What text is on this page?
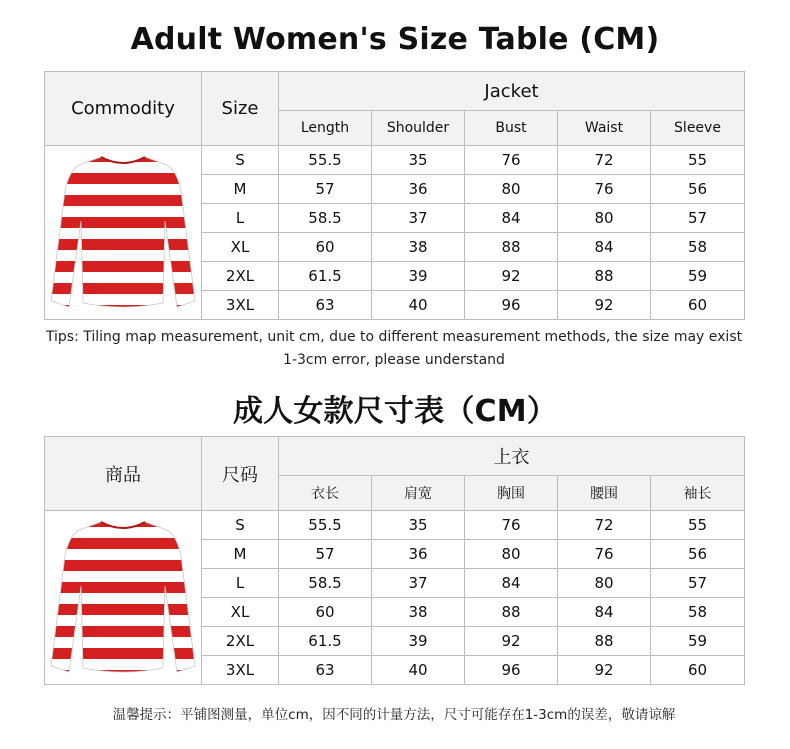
Adult Women's Size Table (CM)
Commodity	Size	Jacket				
		Length	Shoulder	Bust	Waist	Sleeve

	S	55.5	35	76	72	55
	M	57	36	80	76	56
	L	58.5	37	84	80	57
	XL	60	38	88	84	58
	2XL	61.5	39	92	88	59
	3XL	63	40	96	92	60
Tips: Tiling map measurement, unit cm, due to different measurement methods, the size may exist 1-3cm error, please understand
成人女款尺寸表（CM）
商品	尺码	上衣				
		衣长	肩宽	胸围	腰围	袖长

	S	55.5	35	76	72	55
	M	57	36	80	76	56
	L	58.5	37	84	80	57
	XL	60	38	88	84	58
	2XL	61.5	39	92	88	59
	3XL	63	40	96	92	60
温馨提示：平铺图测量，单位cm，因不同的计量方法，尺寸可能存在1-3cm的误差，敬请谅解
